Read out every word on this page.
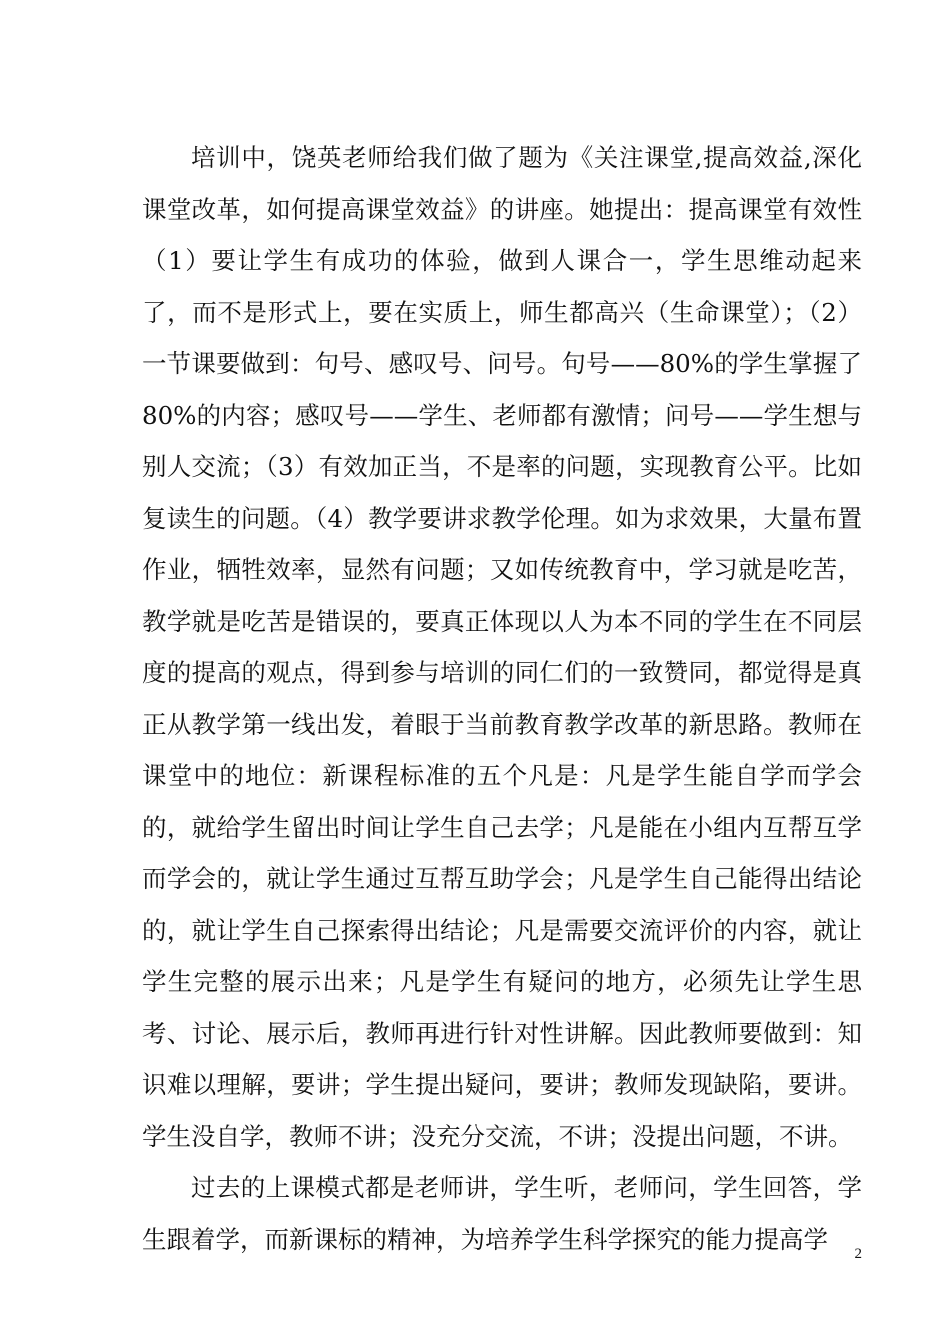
培训中，饶英老师给我们做了题为《关注课堂,提高效益,深化课堂改革，如何提高课堂效益》的讲座。她提出：提高课堂有效性（1）要让学生有成功的体验，做到人课合一，学生思维动起来了，而不是形式上，要在实质上，师生都高兴（生命课堂）；（2）一节课要做到：句号、感叹号、问号。句号——80%的学生掌握了80%的内容；感叹号——学生、老师都有激情；问号——学生想与别人交流；（3）有效加正当，不是率的问题，实现教育公平。比如复读生的问题。（4）教学要讲求教学伦理。如为求效果，大量布置作业，牺牲效率，显然有问题；又如传统教育中，学习就是吃苦，教学就是吃苦是错误的，要真正体现以人为本不同的学生在不同层度的提高的观点，得到参与培训的同仁们的一致赞同，都觉得是真正从教学第一线出发，着眼于当前教育教学改革的新思路。教师在课堂中的地位：新课程标准的五个凡是：凡是学生能自学而学会的，就给学生留出时间让学生自己去学；凡是能在小组内互帮互学而学会的，就让学生通过互帮互助学会；凡是学生自己能得出结论的，就让学生自己探索得出结论；凡是需要交流评价的内容，就让学生完整的展示出来；凡是学生有疑问的地方，必须先让学生思考、讨论、展示后，教师再进行针对性讲解。因此教师要做到：知识难以理解，要讲；学生提出疑问，要讲；教师发现缺陷，要讲。学生没自学，教师不讲；没充分交流，不讲；没提出问题，不讲。

过去的上课模式都是老师讲，学生听，老师问，学生回答，学生跟着学，而新课标的精神，为培养学生科学探究的能力提高学

2
